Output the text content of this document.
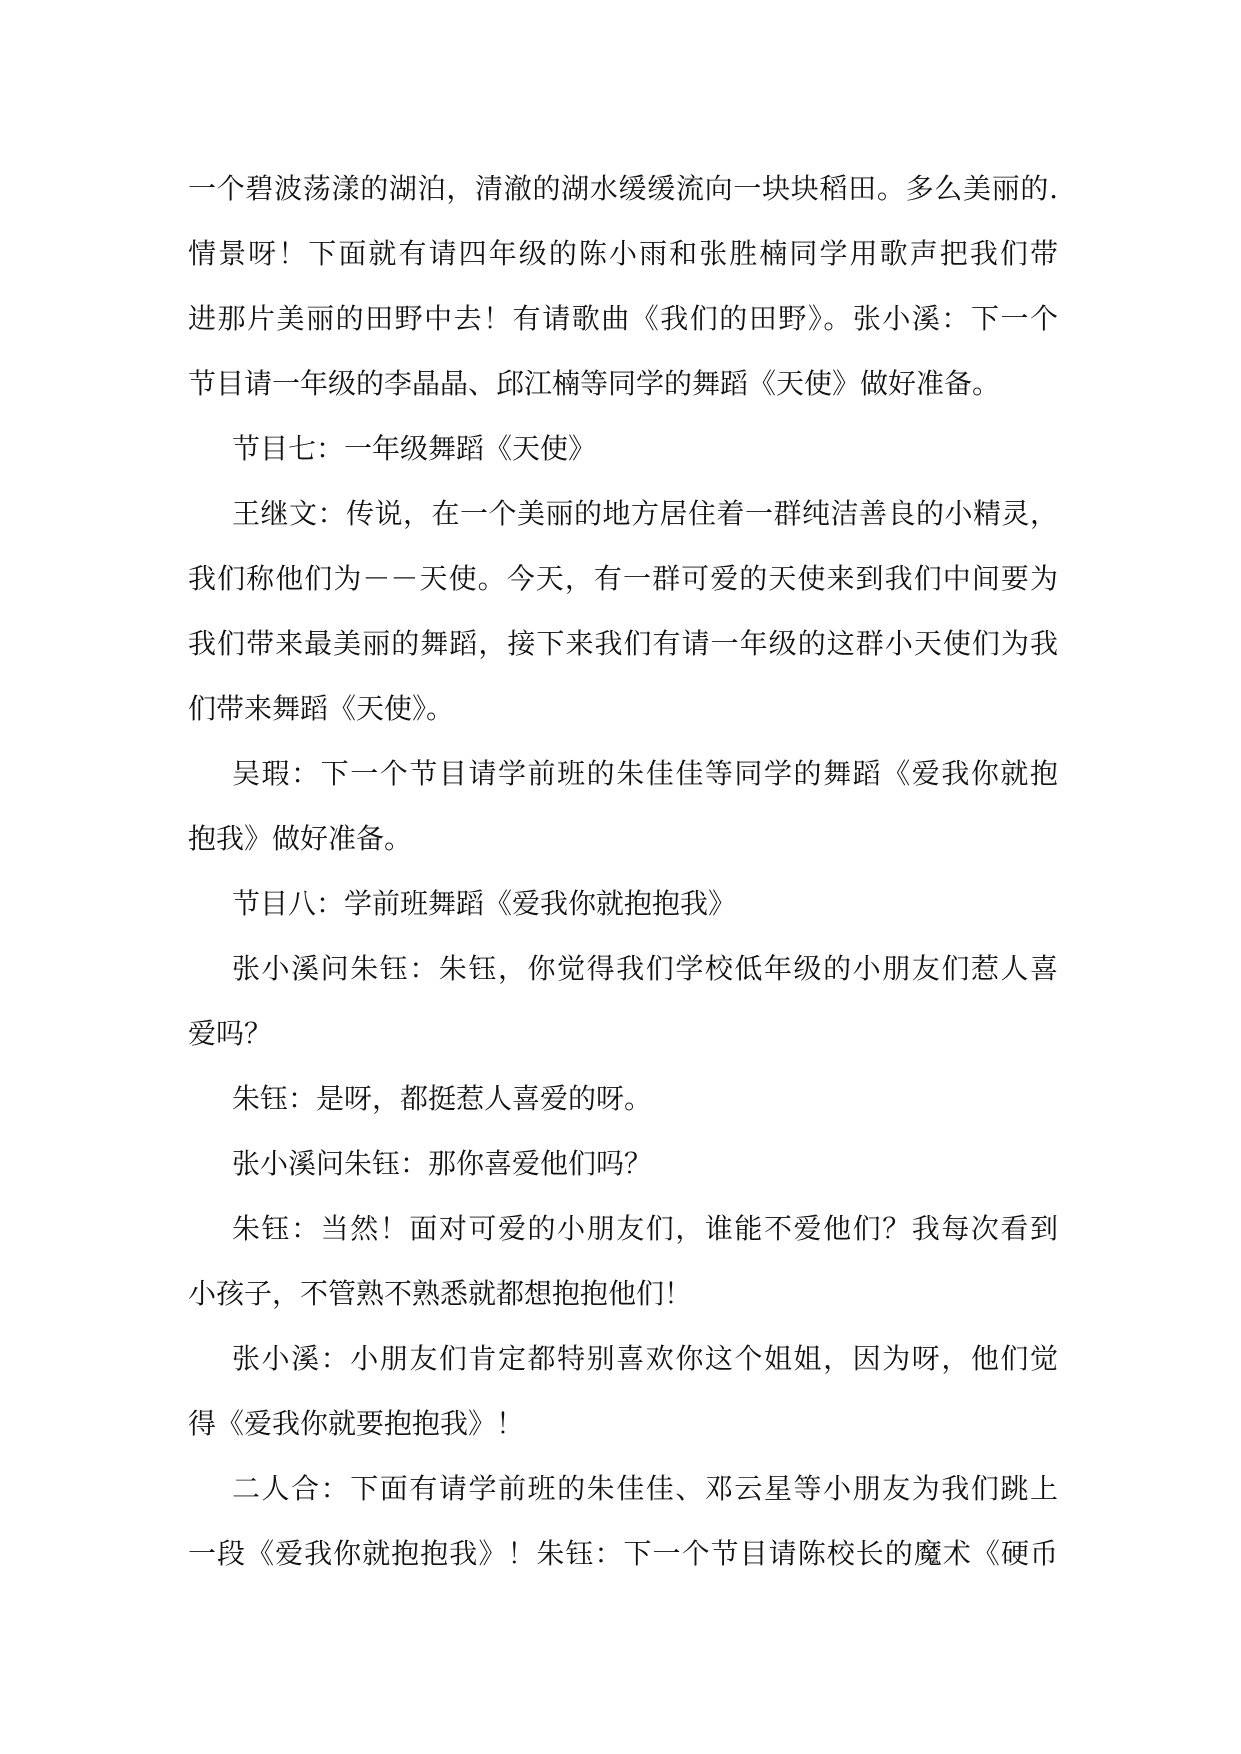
一个碧波荡漾的湖泊，清澈的湖水缓缓流向一块块稻田。多么美丽的.
情景呀！下面就有请四年级的陈小雨和张胜楠同学用歌声把我们带
进那片美丽的田野中去！有请歌曲《我们的田野》。张小溪：下一个
节目请一年级的李晶晶、邱江楠等同学的舞蹈《天使》做好准备。
节目七：一年级舞蹈《天使》
王继文：传说，在一个美丽的地方居住着一群纯洁善良的小精灵，
我们称他们为－－天使。今天，有一群可爱的天使来到我们中间要为
我们带来最美丽的舞蹈，接下来我们有请一年级的这群小天使们为我
们带来舞蹈《天使》。
吴瑕：下一个节目请学前班的朱佳佳等同学的舞蹈《爱我你就抱
抱我》做好准备。
节目八：学前班舞蹈《爱我你就抱抱我》
张小溪问朱钰：朱钰，你觉得我们学校低年级的小朋友们惹人喜
爱吗？
朱钰：是呀，都挺惹人喜爱的呀。
张小溪问朱钰：那你喜爱他们吗？
朱钰：当然！面对可爱的小朋友们，谁能不爱他们？我每次看到
小孩子，不管熟不熟悉就都想抱抱他们！
张小溪：小朋友们肯定都特别喜欢你这个姐姐，因为呀，他们觉
得《爱我你就要抱抱我》！
二人合：下面有请学前班的朱佳佳、邓云星等小朋友为我们跳上
一段《爱我你就抱抱我》！朱钰：下一个节目请陈校长的魔术《硬币
